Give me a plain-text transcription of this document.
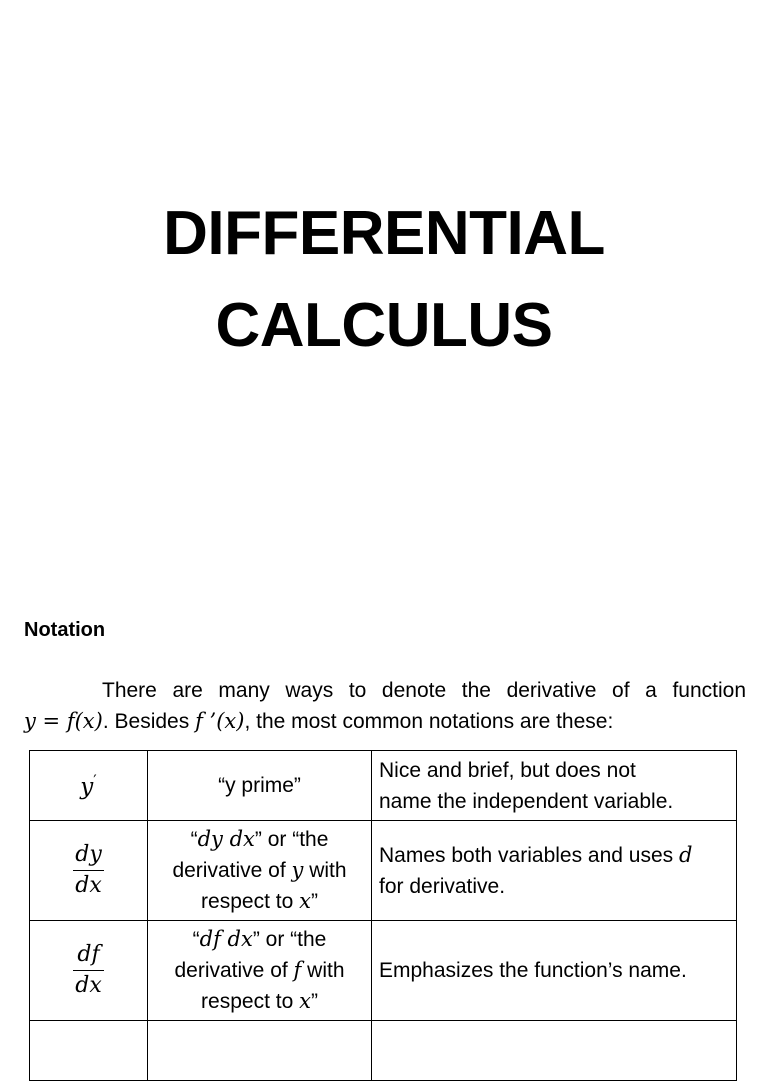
DIFFERENTIAL
CALCULUS
Notation
There are many ways to denote the derivative of a function
y = f(x). Besides f ’(x), the most common notations are these:
y′	“y prime”	Nice and brief, but does not
name the independent variable.

$\frac{dy}{dx}$	“dy dx” or “the
derivative of y with
respect to x”	Names both variables and uses d
for derivative.

$\frac{df}{dx}$	“df dx” or “the
derivative of f with
respect to x”	Emphasizes the function’s name.
